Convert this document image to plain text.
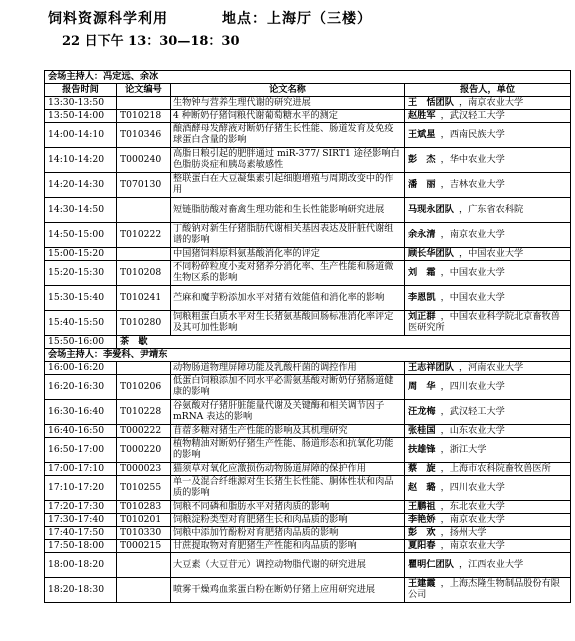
饲料资源科学利用	地点：上海厅（三楼）
22 日下午 13：30—18：30
会场主持人：冯定远、余冰			
报告时间	论文编号	论文名称	报告人，单位
13:30-13:50		生物钟与营养生理代谢的研究进展	王　恬团队 ，南京农业大学
13:50-14:00	T010218	4 种断奶仔猪饲粮代谢葡萄糖水平的测定	赵胜军 ，武汉轻工大学
14:00-14:10	T010346	酿酒酵母发酵液对断奶仔猪生长性能、肠道发育及免疫球蛋白含量的影响	王斌星 ，西南民族大学
14:10-14:20	T000240	高脂日粮引起的肥胖通过 miR-377/ SIRT1 途径影响白色脂肪炎症和胰岛素敏感性	彭　杰 ，华中农业大学
14:20-14:30	T070130	整联蛋白在大豆凝集素引起细胞增殖与周期改变中的作用	潘　丽 ，吉林农业大学
14:30-14:50		短链脂肪酸对畜禽生理功能和生长性能影响研究进展	马现永团队 ，广东省农科院
14:50-15:00	T010222	丁酸钠对新生仔猪脂肪代谢相关基因表达及肝脏代谢组谱的影响	余永清 ，南京农业大学
15:00-15:20		中国猪饲料原料氨基酸消化率的评定	顾长华团队 ，中国农业大学
15:20-15:30	T010208	不同粉碎粒度小麦对猪养分消化率、生产性能和肠道微生物区系的影响	刘　霜 ，中国农业大学
15:30-15:40	T010241	苎麻和魔芋粉添加水平对猪有效能值和消化率的影响	李恩凯 ，中国农业大学
15:40-15:50	T010280	饲粮粗蛋白质水平对生长猪氨基酸回肠标准消化率评定及其可加性影响	刘正群 ，中国农业科学院北京畜牧兽医研究所
15:50-16:00	茶　歇		
会场主持人：李爱科、尹靖东			
16:00-16:20		动物肠道物理屏障功能及乳酸杆菌的调控作用	王志祥团队 ，河南农业大学
16:20-16:30	T010206	低蛋白饲粮添加不同水平必需氨基酸对断奶仔猪肠道健康的影响	周　华 ，四川农业大学
16:30-16:40	T010228	谷氨酸对仔猪肝脏能量代谢及关键酶和相关调节因子 mRNA 表达的影响	汪龙梅 ，武汉轻工大学
16:40-16:50	T000222	苜蓿多糖对猪生产性能的影响及其机理研究	张桂国 ，山东农业大学
16:50-17:00	T000220	植物精油对断奶仔猪生产性能、肠道形态和抗氧化功能的影响	扶雄锋 ，浙江大学
17:00-17:10	T000023	猫须草对氧化应激损伤动物肠道屏障的保护作用	蔡　旋 ，上海市农科院畜牧兽医所
17:10-17:20	T010255	单一及混合纤维源对生长猪生长性能、胴体性状和肉品质的影响	赵　璐 ，四川农业大学
17:20-17:30	T010283	饲粮不同磷和脂肪水平对猪肉质的影响	王鹏祖 ，东北农业大学
17:30-17:40	T010201	饲粮淀粉类型对育肥猪生长和肉品质的影响	李艳娇 ，南京农业大学
17:40-17:50	T010330	饲粮中添加竹酚粉对育肥猪肉品质的影响	彭　欢 ，扬州大学
17:50-18:00	T000215	甘蔗提取物对育肥猪生产性能和肉品质的影响	夏阳春 ，南京农业大学
18:00-18:20		大豆素（大豆苷元）调控动物脂代谢的研究进展	瞿明仁团队 ，江西农业大学
18:20-18:30		喷雾干燥鸡血浆蛋白粉在断奶仔猪上应用研究进展	王建霞 ，上海杰隆生物制品股份有限公司
